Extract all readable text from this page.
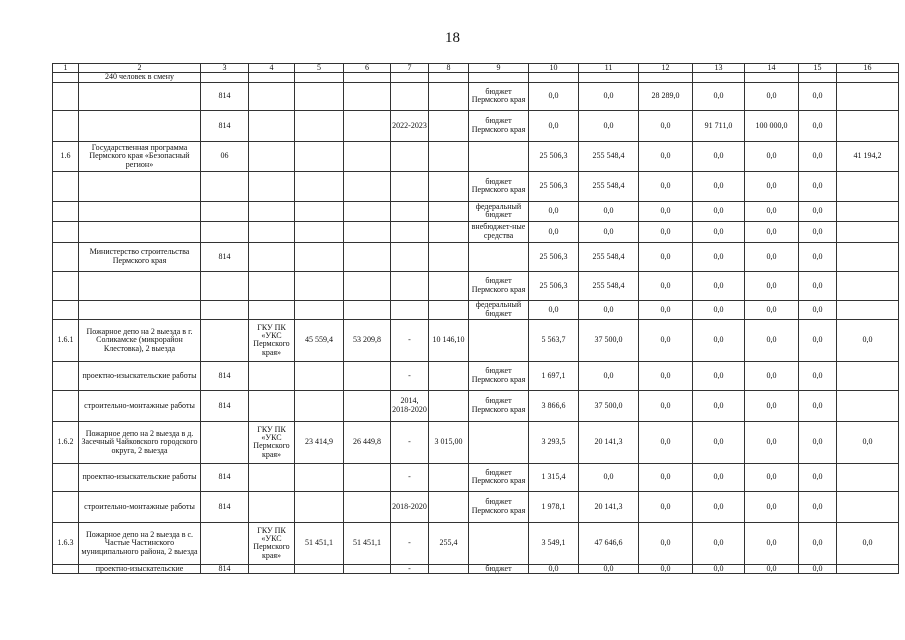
18
1	2	3	4	5	6	7	8	9	10	11	12	13	14	15	16
	240 человек в смену														
		814						бюджет Пермского края	0,0	0,0	28 289,0	0,0	0,0	0,0	
		814				2022-2023		бюджет Пермского края	0,0	0,0	0,0	91 711,0	100 000,0	0,0	
1.6	Государственная программа Пермского края «Безопасный регион»	06							25 506,3	255 548,4	0,0	0,0	0,0	0,0	41 194,2
								бюджет Пермского края	25 506,3	255 548,4	0,0	0,0	0,0	0,0	
								федеральный бюджет	0,0	0,0	0,0	0,0	0,0	0,0	
								внебюджет-ные средства	0,0	0,0	0,0	0,0	0,0	0,0	
	Министерство строительства Пермского края	814							25 506,3	255 548,4	0,0	0,0	0,0	0,0	
								бюджет Пермского края	25 506,3	255 548,4	0,0	0,0	0,0	0,0	
								федеральный бюджет	0,0	0,0	0,0	0,0	0,0	0,0	
1.6.1	Пожарное депо на 2 выезда в г. Соликамске (микрорайон Клестовка), 2 выезда		ГКУ ПК «УКС Пермского края»	45 559,4	53 209,8	-	10 146,10		5 563,7	37 500,0	0,0	0,0	0,0	0,0	0,0
	проектно-изыскательские работы	814				-		бюджет Пермского края	1 697,1	0,0	0,0	0,0	0,0	0,0	
	строительно-монтажные работы	814				2014, 2018-2020		бюджет Пермского края	3 866,6	37 500,0	0,0	0,0	0,0	0,0	
1.6.2	Пожарное депо на 2 выезда в д. Засечный Чайковского городского округа, 2 выезда		ГКУ ПК «УКС Пермского края»	23 414,9	26 449,8	-	3 015,00		3 293,5	20 141,3	0,0	0,0	0,0	0,0	0,0
	проектно-изыскательские работы	814				-		бюджет Пермского края	1 315,4	0,0	0,0	0,0	0,0	0,0	
	строительно-монтажные работы	814				2018-2020		бюджет Пермского края	1 978,1	20 141,3	0,0	0,0	0,0	0,0	
1.6.3	Пожарное депо на 2 выезда в с. Частые Частинского муниципального района, 2 выезда		ГКУ ПК «УКС Пермского края»	51 451,1	51 451,1	-	255,4		3 549,1	47 646,6	0,0	0,0	0,0	0,0	0,0
	проектно-изыскательские	814				-		бюджет	0,0	0,0	0,0	0,0	0,0	0,0	
